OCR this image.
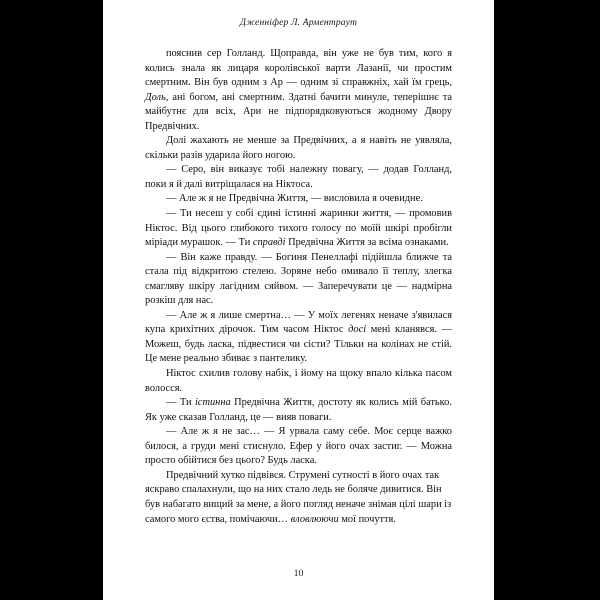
Дженніфер Л. Арментраут

пояснив сер Голланд. Щоправда, він уже не був тим, кого я колись знала як лицаря королівської варти Лазанії, чи простим смертним. Він був одним з Ар — одним зі справжніх, хай їм грець, Доль, ані богом, ані смертним. Здатні бачити минуле, теперішнє та майбутнє для всіх, Ари не підпорядковуються жодному Двору Предвічних.

Долі жахають не менше за Предвічних, а я навіть не уявляла, скільки разів ударила його ногою.

— Серо, він виказує тобі належну повагу, — додав Голланд, поки я й далі витріщалася на Ніктоса.

— Але ж я не Предвічна Життя, — висловила я очевидне.

— Ти несеш у собі єдині істинні жаринки життя, — промовив Ніктос. Від цього глибокого тихого голосу по моїй шкірі пробігли міріади мурашок. — Ти справді Предвічна Життя за всіма ознаками.

— Він каже правду. — Богиня Пенеллафі підійшла ближче та стала під відкритою стелею. Зоряне небо омивало її теплу, злегка смагляву шкіру лагідним сяйвом. — Заперечувати це — надмірна розкіш для нас.

— Але ж я лише смертна… — У моїх легенях неначе з'явилася купа крихітних дірочок. Тим часом Ніктос досі мені кланявся. — Можеш, будь ласка, підвестися чи сісти? Тільки на колінах не стій. Це мене реально збиває з пантелику.

Ніктос схилив голову набік, і йому на щоку впало кілька пасом волосся.

— Ти істинна Предвічна Життя, достоту як колись мій батько. Як уже сказав Голланд, це — вияв поваги.

— Але ж я не зас… — Я урвала саму себе. Моє серце важко билося, а груди мені стиснуло. Ефер у його очах застиг. — Можна просто обійтися без цього? Будь ласка.

Предвічний хутко підвівся. Струмені сутності в його очах так яскраво спалахнули, що на них стало ледь не боляче дивитися. Він був набагато вищий за мене, а його погляд неначе знімав цілі шари із самого мого єства, помічаючи… вловлюючи мої почуття.

10
